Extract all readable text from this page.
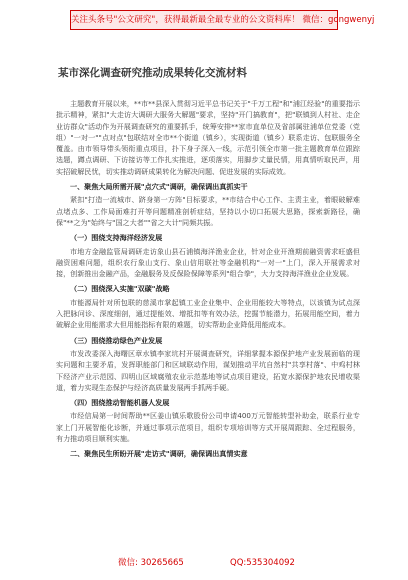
关注头条号"公文研究"，获得最新最全最专业的公文资料库！ 微信：gongwenyj
某市深化调查研究推动成果转化交流材料

主题教育开展以来，**市**县深入贯彻习近平总书记关于"千万工程"和"浦江经验"的重要指示批示精神，紧扣"大走访大调研大服务大解题"要求，坚持"开门搞教育"，把"联镇到人村社、走企业访群众"活动作为开展调查研究的重要抓手，统筹安排**家市直单位及省部属驻浦单位党委（党组）"一对一""点对点"包联结对全市**个街道（镇乡），实现街道（镇乡）联系走访、包联服务全覆盖。由市领导带头领衔重点项目，扑下身子深入一线，示范引领全市第一批主题教育单位跟踪选题，蹲点调研、下访接访等工作扎实推进，逐项落实，用脚步丈量民情，用真情听取民声，用实招破解民忧，切实推动调研成果转化为解决问题、促进发展的实际成效。

一、聚焦大局所需开展"点穴式"调研，确保调出真抓实干

紧扣"打造一流城市、跻身第一方阵"目标要求，**市结合中心工作、主责主业，着眼破解难点堵点多、工作局面难打开等问题精准剖析症结，坚持以小切口拓展大思路，探索新路径，确保"**之为"始终与"国之大者""省之大计"同频共振。

（一）围绕支持海洋经济发展

市地方金融监管局调研走访象山县石浦镇海洋渔业企业，针对企业开渔期前融资需求旺盛但融资困难问题，组织农行象山支行、象山信用联社等金融机构"一对一"上门，深入开展需求对接，创新推出金融产品，金融服务及反保险保障等系列"组合拳"，大力支持海洋渔业企业发展。

（二）围绕深入实施"双碳"战略

市能源局针对所包联的慈溪市掌起镇工业企业集中、企业用能较大等特点，以该镇为试点深入把脉问诊、深度细剖，通过提能效、增抵扣等有效办法，挖掘节能潜力，拓展用能空间，着力破解企业用能需求大但用能指标有限的难题，切实帮助企业降低用能成本。

（三）围绕推动绿色产业发展

市发改委深入海曙区章水镇李家坑村开展调查研究，详细掌握本源保护地产业发展面临的现实问题和主要矛盾，发挥职能部门和区域联动作用，谋划推动平坑自然村"共享村落"、中鸡村林下经济产业示范园、四明山区域腐殖农业示范基地等试点项目建设，拓宽水源保护地农民增收渠道，着力实现生态保护与经济高质量发展两手抓两手硬。

（四）围绕推动智能机器人发展

市经信局第一时间帮助**区姜山镇乐歌股份公司申请400万元智能转型补助金，联系行业专家上门开展智能化诊断，并通过事项示范项目，组织专项培训等方式开展周跟踪、全过程服务，有力推动项目顺利实施。

二、聚焦民生所盼开展"走访式"调研，确保调出真情实意

微信: 30265665	QQ:535304092
